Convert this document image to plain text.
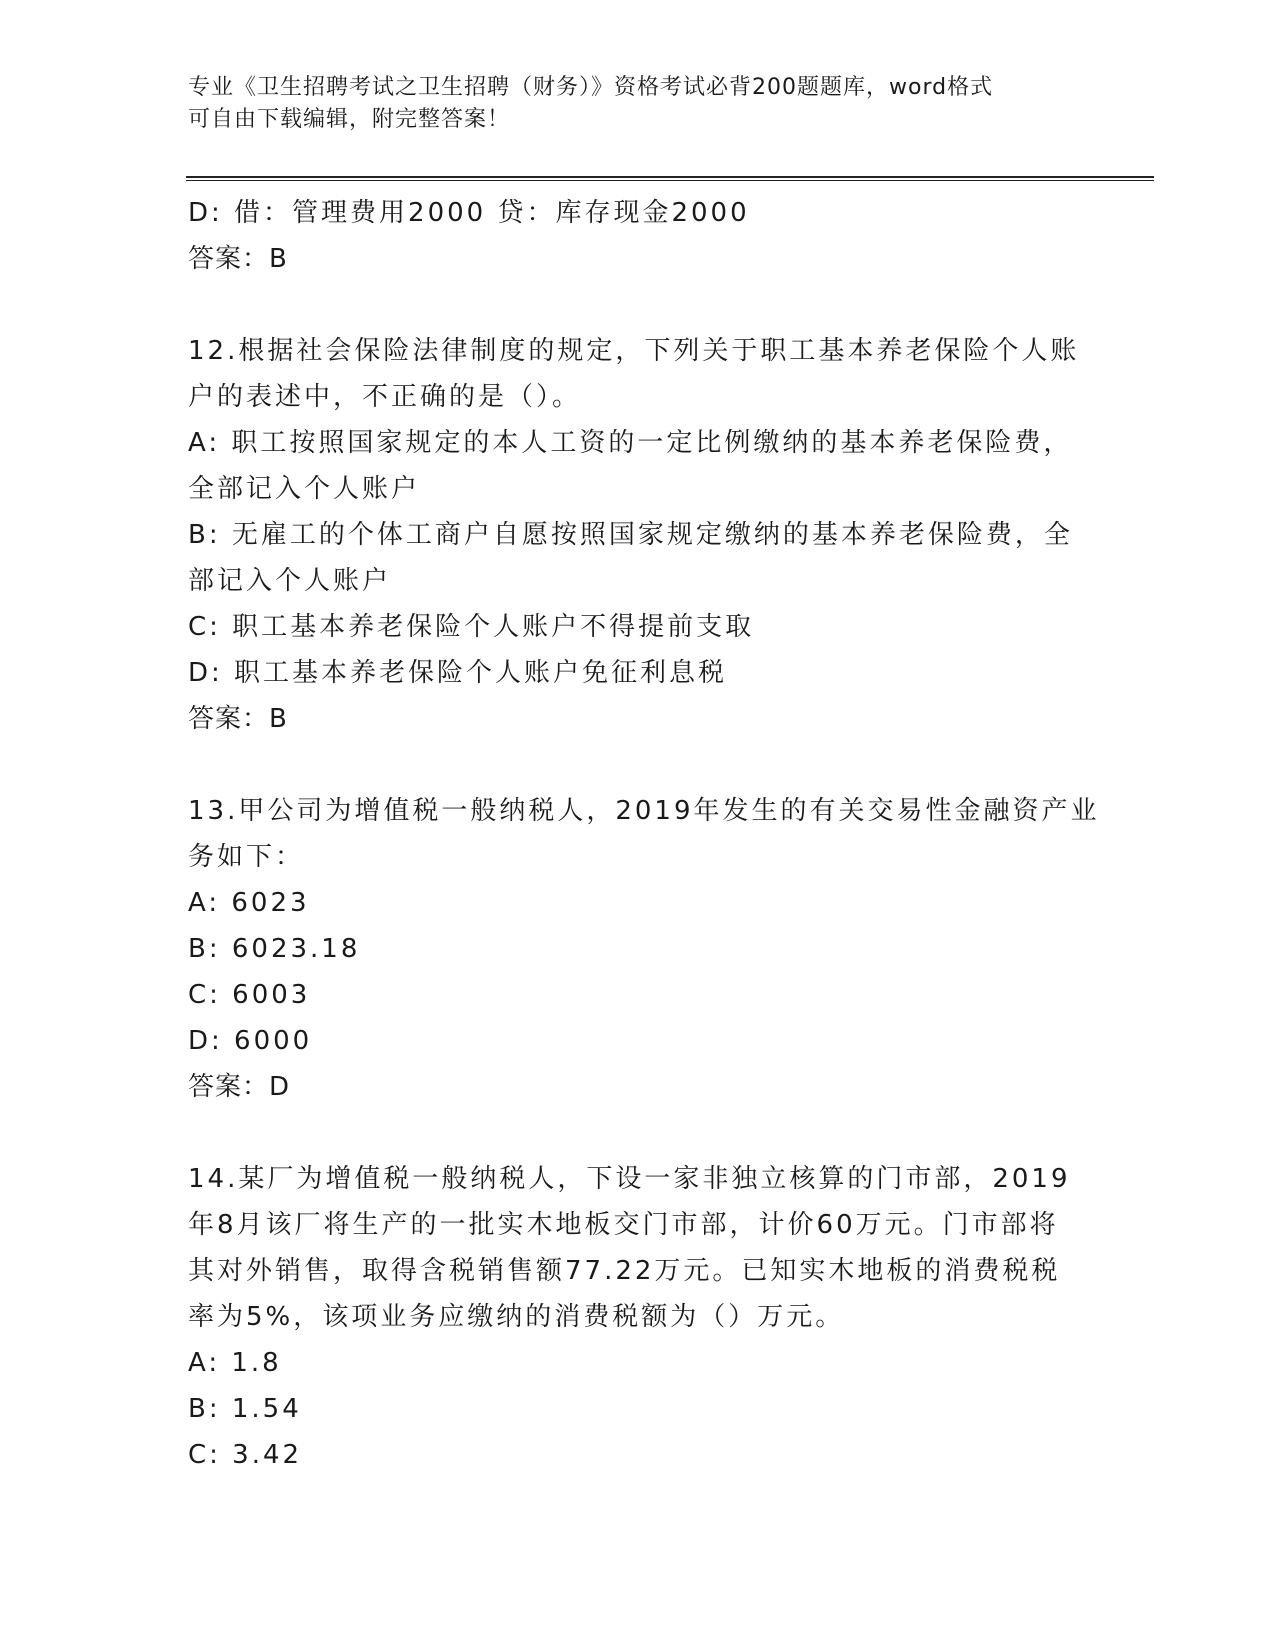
专业《卫生招聘考试之卫生招聘（财务）》资格考试必背200题题库，word格式
可自由下载编辑，附完整答案！
D: 借：管理费用2000 贷：库存现金2000
答案：B
12.根据社会保险法律制度的规定，下列关于职工基本养老保险个人账
户的表述中，不正确的是（）。
A: 职工按照国家规定的本人工资的一定比例缴纳的基本养老保险费，
全部记入个人账户
B: 无雇工的个体工商户自愿按照国家规定缴纳的基本养老保险费，全
部记入个人账户
C: 职工基本养老保险个人账户不得提前支取
D: 职工基本养老保险个人账户免征利息税
答案：B
13.甲公司为增值税一般纳税人，2019年发生的有关交易性金融资产业
务如下：
A: 6023
B: 6023.18
C: 6003
D: 6000
答案：D
14.某厂为增值税一般纳税人，下设一家非独立核算的门市部，2019
年8月该厂将生产的一批实木地板交门市部，计价60万元。门市部将
其对外销售，取得含税销售额77.22万元。已知实木地板的消费税税
率为5%，该项业务应缴纳的消费税额为（）万元。
A: 1.8
B: 1.54
C: 3.42
